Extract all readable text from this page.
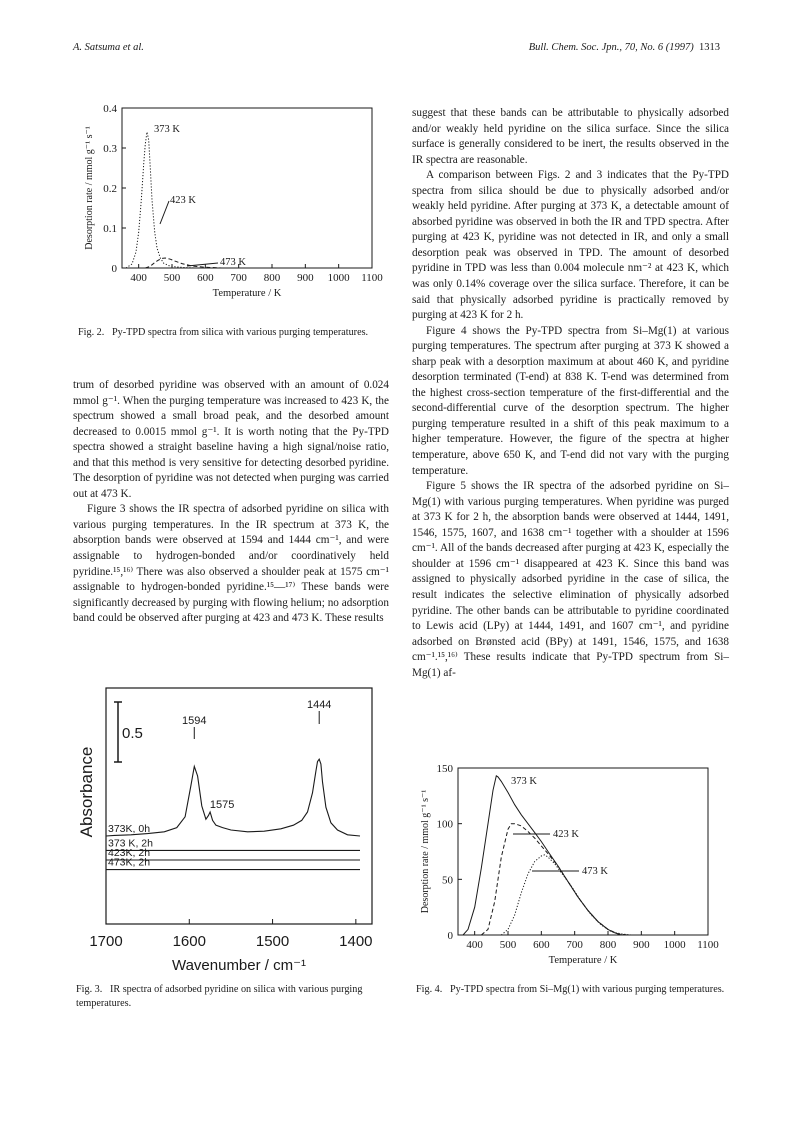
A. Satsuma et al.	Bull. Chem. Soc. Jpn., 70, No. 6 (1997) 1313
400 500 600 700 800 900 1000 1100
0
0.1
0.2
0.3
0.4
Temperature / K
Desorption rate / mmol g⁻¹ s⁻¹	373 K
423 K
473 K
Fig. 2. Py-TPD spectra from silica with various purging temperatures.

trum of desorbed pyridine was observed with an amount of 0.024 mmol g⁻¹. When the purging temperature was increased to 423 K, the spectrum showed a small broad peak, and the desorbed amount decreased to 0.0015 mmol g⁻¹. It is worth noting that the Py-TPD spectra showed a straight baseline having a high signal/noise ratio, and that this method is very sensitive for detecting desorbed pyridine. The desorption of pyridine was not detected when purging was carried out at 473 K.

Figure 3 shows the IR spectra of adsorbed pyridine on silica with various purging temperatures. In the IR spectrum at 373 K, the absorption bands were observed at 1594 and 1444 cm⁻¹, and were assignable to hydrogen-bonded and/or coordinatively held pyridine.¹⁵,¹⁶⁾ There was also observed a shoulder peak at 1575 cm⁻¹ assignable to hydrogen-bonded pyridine.¹⁵—¹⁷⁾ These bands were significantly decreased by purging with flowing helium; no adsorption band could be observed after purging at 423 and 473 K. These results

1700	1600	1500	1400
Wavenumber / cm⁻¹
Absorbance
0.5
373K, 0h
373 K, 2h
423K, 2h
473K, 2h
1594
1575
1444
Fig. 3. IR spectra of adsorbed pyridine on silica with various purging temperatures.

suggest that these bands can be attributable to physically adsorbed and/or weakly held pyridine on the silica surface. Since the silica surface is generally considered to be inert, the results observed in the IR spectra are reasonable.

A comparison between Figs. 2 and 3 indicates that the Py-TPD spectra from silica should be due to physically adsorbed and/or weakly held pyridine. After purging at 373 K, a detectable amount of absorbed pyridine was observed in both the IR and TPD spectra. After purging at 423 K, pyridine was not detected in IR, and only a small desorption peak was observed in TPD. The amount of desorbed pyridine in TPD was less than 0.004 molecule nm⁻² at 423 K, which was only 0.14% coverage over the silica surface. Therefore, it can be said that physically adsorbed pyridine is practically removed by purging at 423 K for 2 h.

Figure 4 shows the Py-TPD spectra from Si–Mg(1) at various purging temperatures. The spectrum after purging at 373 K showed a sharp peak with a desorption maximum at about 460 K, and pyridine desorption terminated (T-end) at 838 K. T-end was determined from the highest cross-section temperature of the first-differential and the second-differential curve of the desorption spectrum. The higher purging temperature resulted in a shift of this peak maximum to a higher temperature. However, the figure of the spectra at higher temperature, above 650 K, and T-end did not vary with the purging temperature.

Figure 5 shows the IR spectra of the adsorbed pyridine on Si–Mg(1) with various purging temperatures. When pyridine was purged at 373 K for 2 h, the absorption bands were observed at 1444, 1491, 1546, 1575, 1607, and 1638 cm⁻¹ together with a shoulder at 1596 cm⁻¹. All of the bands decreased after purging at 423 K, especially the shoulder at 1596 cm⁻¹ disappeared at 423 K. Since this band was assigned to physically adsorbed pyridine in the case of silica, the result indicates the selective elimination of physically adsorbed pyridine. The other bands can be attributable to pyridine coordinated to Lewis acid (LPy) at 1444, 1491, and 1607 cm⁻¹, and pyridine adsorbed on Brønsted acid (BPy) at 1491, 1546, 1575, and 1638 cm⁻¹.¹⁵,¹⁶⁾ These results indicate that Py-TPD spectrum from Si–Mg(1) af-

400 500 600 700 800 900 1000 1100
0
50
100
150
Temperature / K
Desorption rate / mmol g⁻¹ s⁻¹
373 K
423 K
473 K
Fig. 4. Py-TPD spectra from Si–Mg(1) with various purging temperatures.
